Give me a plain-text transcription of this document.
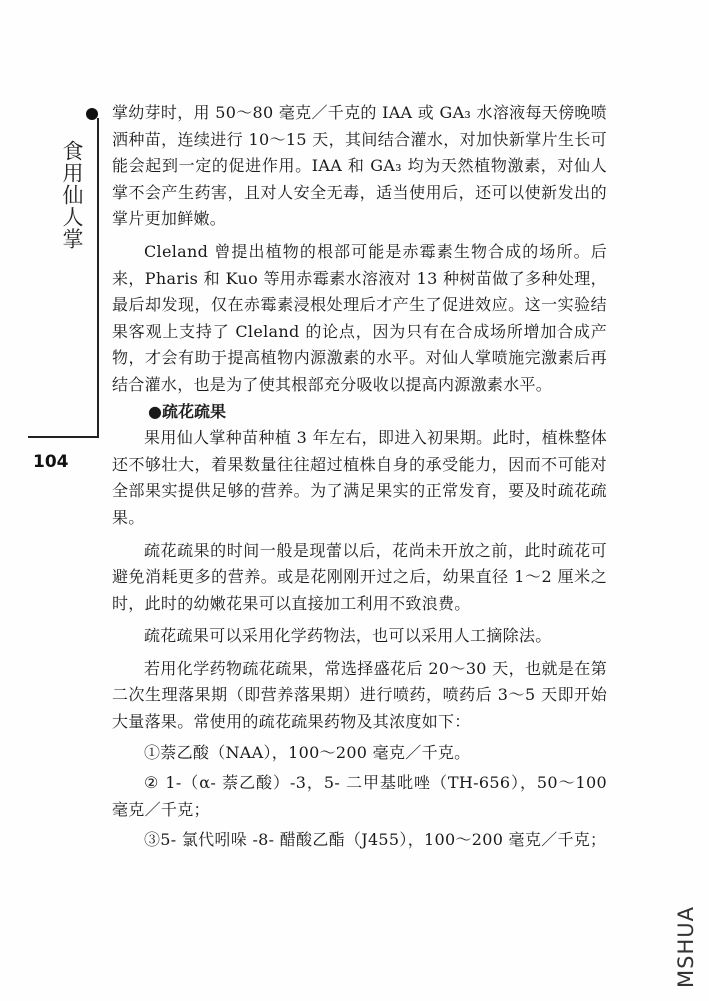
食用仙人掌
104

掌幼芽时，用 50～80 毫克／千克的 IAA 或 GA₃ 水溶液每天傍晚喷洒种苗，连续进行 10～15 天，其间结合灌水，对加快新掌片生长可能会起到一定的促进作用。IAA 和 GA₃ 均为天然植物激素，对仙人掌不会产生药害，且对人安全无毒，适当使用后，还可以使新发出的掌片更加鲜嫩。

Cleland 曾提出植物的根部可能是赤霉素生物合成的场所。后来，Pharis 和 Kuo 等用赤霉素水溶液对 13 种树苗做了多种处理，最后却发现，仅在赤霉素浸根处理后才产生了促进效应。这一实验结果客观上支持了 Cleland 的论点，因为只有在合成场所增加合成产物，才会有助于提高植物内源激素的水平。对仙人掌喷施完激素后再结合灌水，也是为了使其根部充分吸收以提高内源激素水平。

●疏花疏果

果用仙人掌种苗种植 3 年左右，即进入初果期。此时，植株整体还不够壮大，着果数量往往超过植株自身的承受能力，因而不可能对全部果实提供足够的营养。为了满足果实的正常发育，要及时疏花疏果。

疏花疏果的时间一般是现蕾以后，花尚未开放之前，此时疏花可避免消耗更多的营养。或是花刚刚开过之后，幼果直径 1～2 厘米之时，此时的幼嫩花果可以直接加工利用不致浪费。

疏花疏果可以采用化学药物法，也可以采用人工摘除法。

若用化学药物疏花疏果，常选择盛花后 20～30 天，也就是在第二次生理落果期（即营养落果期）进行喷药，喷药后 3～5 天即开始大量落果。常使用的疏花疏果药物及其浓度如下：

①萘乙酸（NAA），100～200 毫克／千克。

② 1-（α- 萘乙酸）-3，5- 二甲基吡唑（TH-656），50～100 毫克／千克；

③5- 氯代吲哚 -8- 醋酸乙酯（J455），100～200 毫克／千克；

MSHUA
